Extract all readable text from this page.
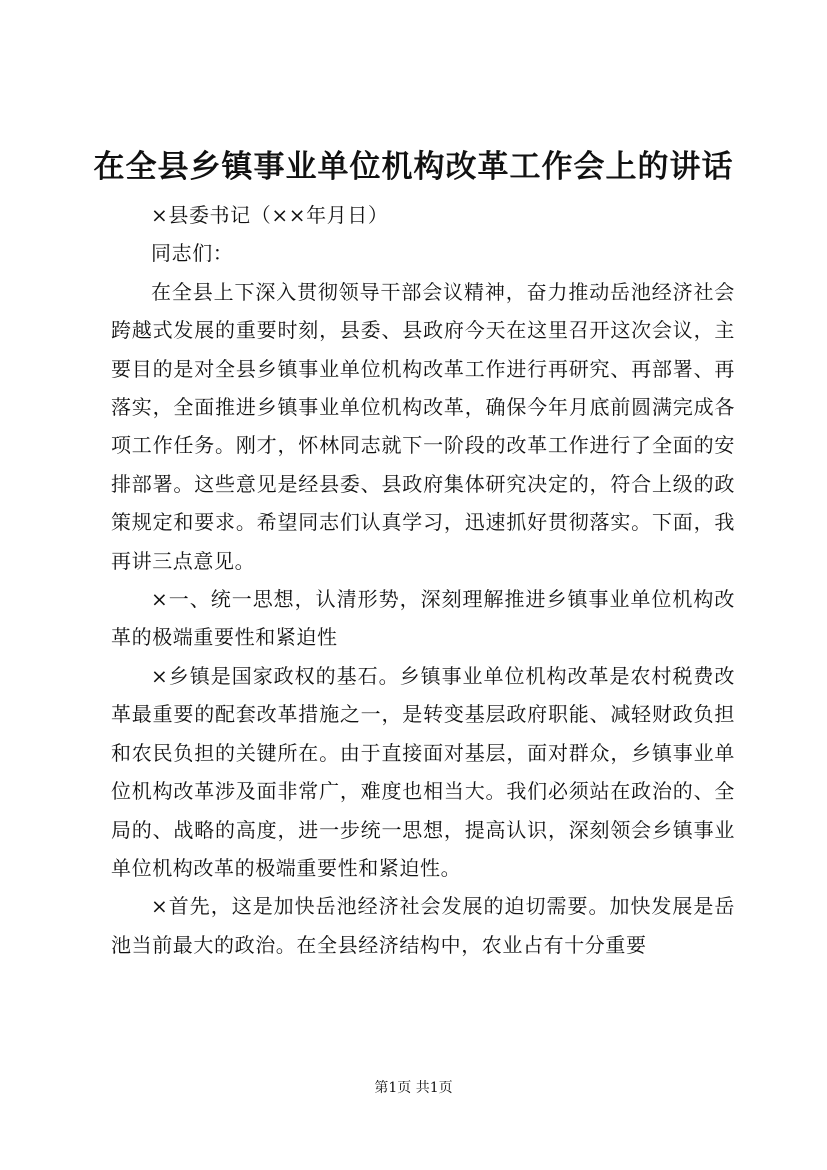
在全县乡镇事业单位机构改革工作会上的讲话

×县委书记（××年月日）

同志们：

在全县上下深入贯彻领导干部会议精神，奋力推动岳池经济社会跨越式发展的重要时刻，县委、县政府今天在这里召开这次会议，主要目的是对全县乡镇事业单位机构改革工作进行再研究、再部署、再落实，全面推进乡镇事业单位机构改革，确保今年月底前圆满完成各项工作任务。刚才，怀林同志就下一阶段的改革工作进行了全面的安排部署。这些意见是经县委、县政府集体研究决定的，符合上级的政策规定和要求。希望同志们认真学习，迅速抓好贯彻落实。下面，我再讲三点意见。

×一、统一思想，认清形势，深刻理解推进乡镇事业单位机构改革的极端重要性和紧迫性

×乡镇是国家政权的基石。乡镇事业单位机构改革是农村税费改革最重要的配套改革措施之一，是转变基层政府职能、减轻财政负担和农民负担的关键所在。由于直接面对基层，面对群众，乡镇事业单位机构改革涉及面非常广，难度也相当大。我们必须站在政治的、全局的、战略的高度，进一步统一思想，提高认识，深刻领会乡镇事业单位机构改革的极端重要性和紧迫性。

×首先，这是加快岳池经济社会发展的迫切需要。加快发展是岳池当前最大的政治。在全县经济结构中，农业占有十分重要

第1页 共1页
